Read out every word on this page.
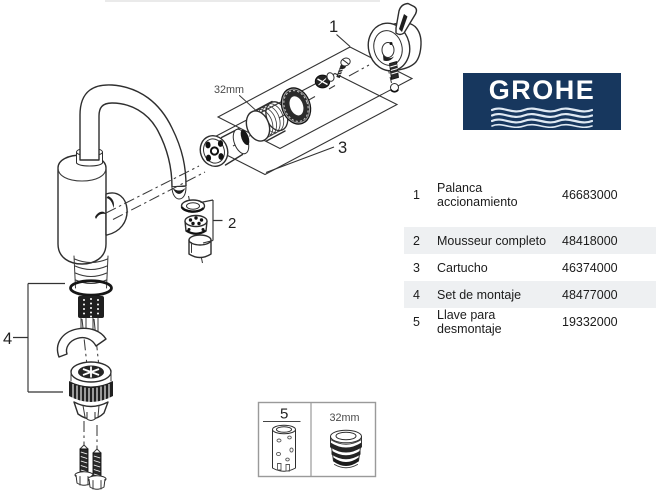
1
2
3
4
32mm
5	32mm
GROHE
1	Palanca accionamiento	46683000
2	Mousseur completo	48418000
3	Cartucho	46374000
4	Set de montaje	48477000
5	Llave para desmontaje	19332000
